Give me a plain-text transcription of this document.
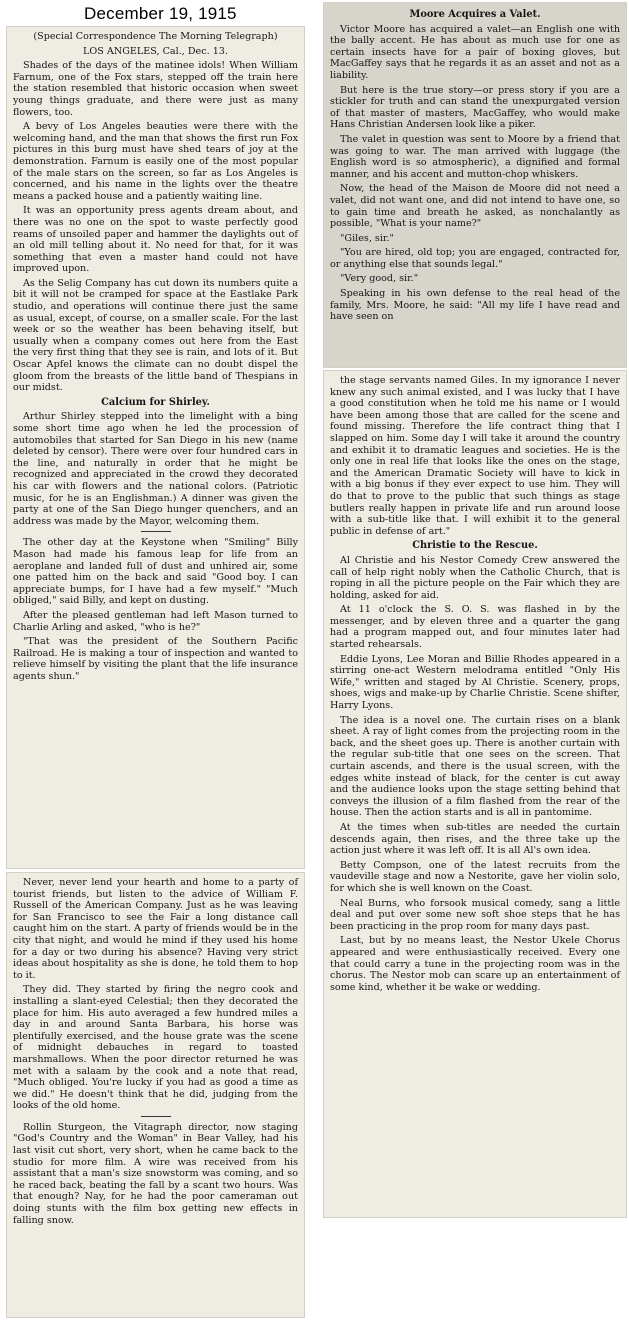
December 19, 1915

(Special Correspondence The Morning Telegraph)

LOS ANGELES, Cal., Dec. 13.

Shades of the days of the matinee idols! When William Farnum, one of the Fox stars, stepped off the train here the station resembled that historic occasion when sweet young things graduate, and there were just as many flowers, too.

A bevy of Los Angeles beauties were there with the welcoming hand, and the man that shows the first run Fox pictures in this burg must have shed tears of joy at the demonstration. Farnum is easily one of the most popular of the male stars on the screen, so far as Los Angeles is concerned, and his name in the lights over the theatre means a packed house and a patiently waiting line.

It was an opportunity press agents dream about, and there was no one on the spot to waste perfectly good reams of unsoiled paper and hammer the daylights out of an old mill telling about it. No need for that, for it was something that even a master hand could not have improved upon.

As the Selig Company has cut down its numbers quite a bit it will not be cramped for space at the Eastlake Park studio, and operations will continue there just the same as usual, except, of course, on a smaller scale. For the last week or so the weather has been behaving itself, but usually when a company comes out here from the East the very first thing that they see is rain, and lots of it. But Oscar Apfel knows the climate can no doubt dispel the gloom from the breasts of the little band of Thespians in our midst.

Calcium for Shirley.

Arthur Shirley stepped into the limelight with a bing some short time ago when he led the procession of automobiles that started for San Diego in his new (name deleted by censor). There were over four hundred cars in the line, and naturally in order that he might be recognized and appreciated in the crowd they decorated his car with flowers and the national colors. (Patriotic music, for he is an Englishman.) A dinner was given the party at one of the San Diego hunger quenchers, and an address was made by the Mayor, welcoming them.

The other day at the Keystone when "Smiling" Billy Mason had made his famous leap for life from an aeroplane and landed full of dust and unhired air, some one patted him on the back and said "Good boy. I can appreciate bumps, for I have had a few myself." "Much obliged," said Billy, and kept on dusting.

After the pleased gentleman had left Mason turned to Charlie Arling and asked, "who is he?"

"That was the president of the Southern Pacific Railroad. He is making a tour of inspection and wanted to relieve himself by visiting the plant that the life insurance agents shun."

Never, never lend your hearth and home to a party of tourist friends, but listen to the advice of William F. Russell of the American Company. Just as he was leaving for San Francisco to see the Fair a long distance call caught him on the start. A party of friends would be in the city that night, and would he mind if they used his home for a day or two during his absence? Having very strict ideas about hospitality as she is done, he told them to hop to it.

They did. They started by firing the negro cook and installing a slant-eyed Celestial; then they decorated the place for him. His auto averaged a few hundred miles a day in and around Santa Barbara, his horse was plentifully exercised, and the house grate was the scene of midnight debauches in regard to toasted marshmallows. When the poor director returned he was met with a salaam by the cook and a note that read, "Much obliged. You're lucky if you had as good a time as we did." He doesn't think that he did, judging from the looks of the old home.

Rollin Sturgeon, the Vitagraph director, now staging "God's Country and the Woman" in Bear Valley, had his last visit cut short, very short, when he came back to the studio for more film. A wire was received from his assistant that a man's size snowstorm was coming, and so he raced back, beating the fall by a scant two hours. Was that enough? Nay, for he had the poor cameraman out doing stunts with the film box getting new effects in falling snow.

Moore Acquires a Valet.

Victor Moore has acquired a valet—an English one with the bally accent. He has about as much use for one as certain insects have for a pair of boxing gloves, but MacGaffey says that he regards it as an asset and not as a liability.

But here is the true story—or press story if you are a stickler for truth and can stand the unexpurgated version of that master of masters, MacGaffey, who would make Hans Christian Andersen look like a piker.

The valet in question was sent to Moore by a friend that was going to war. The man arrived with luggage (the English word is so atmospheric), a dignified and formal manner, and his accent and mutton-chop whiskers.

Now, the head of the Maison de Moore did not need a valet, did not want one, and did not intend to have one, so to gain time and breath he asked, as nonchalantly as possible, "What is your name?"

"Giles, sir."

"You are hired, old top; you are engaged, contracted for, or anything else that sounds legal."

"Very good, sir."

Speaking in his own defense to the real head of the family, Mrs. Moore, he said: "All my life I have read and have seen on

the stage servants named Giles. In my ignorance I never knew any such animal existed, and I was lucky that I have a good constitution when he told me his name or I would have been among those that are called for the scene and found missing. Therefore the life contract thing that I slapped on him. Some day I will take it around the country and exhibit it to dramatic leagues and societies. He is the only one in real life that looks like the ones on the stage, and the American Dramatic Society will have to kick in with a big bonus if they ever expect to use him. They will do that to prove to the public that such things as stage butlers really happen in private life and run around loose with a sub-title like that. I will exhibit it to the general public in defense of art."

Christie to the Rescue.

Al Christie and his Nestor Comedy Crew answered the call of help right nobly when the Catholic Church, that is roping in all the picture people on the Fair which they are holding, asked for aid.

At 11 o'clock the S. O. S. was flashed in by the messenger, and by eleven three and a quarter the gang had a program mapped out, and four minutes later had started rehearsals.

Eddie Lyons, Lee Moran and Billie Rhodes appeared in a stirring one-act Western melodrama entitled "Only His Wife," written and staged by Al Christie. Scenery, props, shoes, wigs and make-up by Charlie Christie. Scene shifter, Harry Lyons.

The idea is a novel one. The curtain rises on a blank sheet. A ray of light comes from the projecting room in the back, and the sheet goes up. There is another curtain with the regular sub-title that one sees on the screen. That curtain ascends, and there is the usual screen, with the edges white instead of black, for the center is cut away and the audience looks upon the stage setting behind that conveys the illusion of a film flashed from the rear of the house. Then the action starts and is all in pantomime.

At the times when sub-titles are needed the curtain descends again, then rises, and the three take up the action just where it was left off. It is all Al's own idea.

Betty Compson, one of the latest recruits from the vaudeville stage and now a Nestorite, gave her violin solo, for which she is well known on the Coast.

Neal Burns, who forsook musical comedy, sang a little deal and put over some new soft shoe steps that he has been practicing in the prop room for many days past.

Last, but by no means least, the Nestor Ukele Chorus appeared and were enthusiastically received. Every one that could carry a tune in the projecting room was in the chorus. The Nestor mob can scare up an entertainment of some kind, whether it be wake or wedding.
